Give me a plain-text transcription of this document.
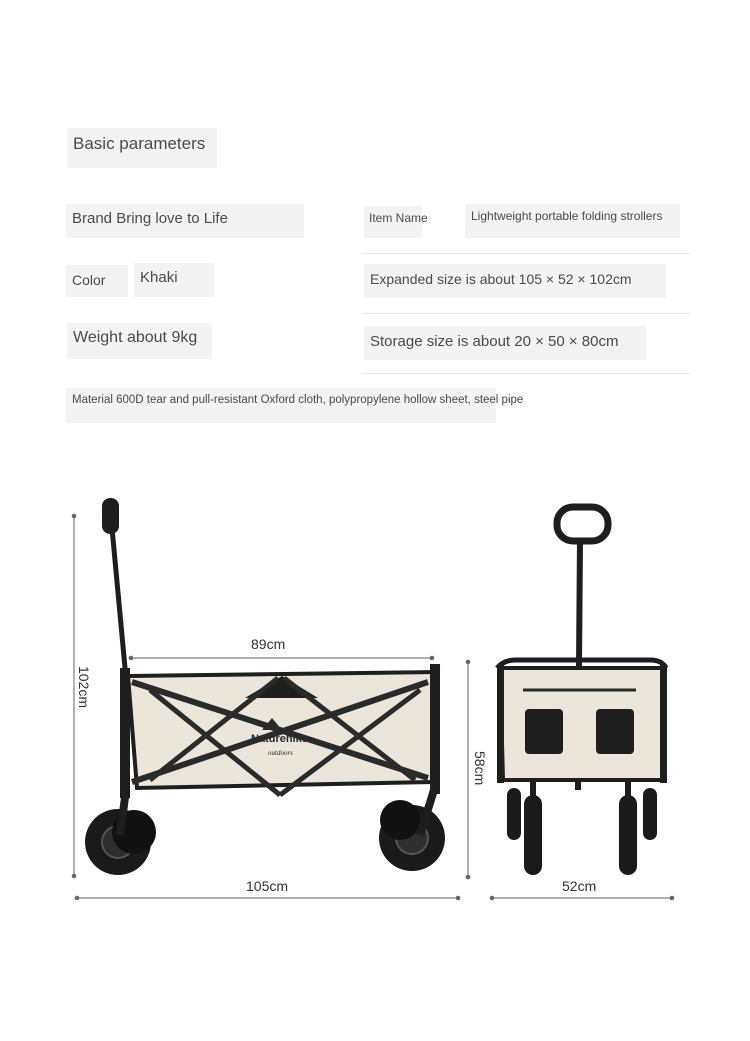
Basic parameters
Brand Bring love to Life	Item Name	Lightweight portable folding strollers
Color	Khaki	Expanded size is about 105 × 52 × 102cm
Weight about 9kg	Storage size is about 20 × 50 × 80cm
Material 600D tear and pull-resistant Oxford cloth, polypropylene hollow sheet, steel pipe
Naturehike
outdoors
89cm
102cm
105cm
58cm
52cm
